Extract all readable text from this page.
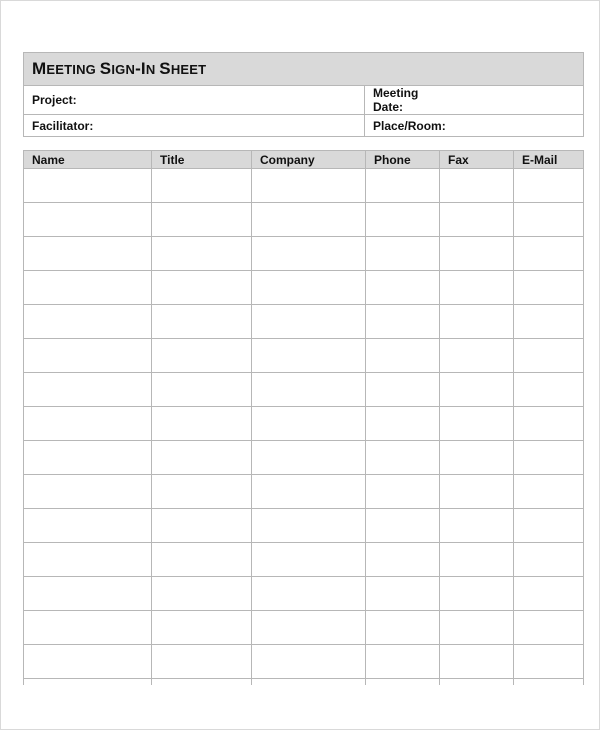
MEETING SIGN-IN SHEET	
Project:	Meeting
Date:
Facilitator:	Place/Room:
Name	Title	Company	Phone	Fax	E-Mail
